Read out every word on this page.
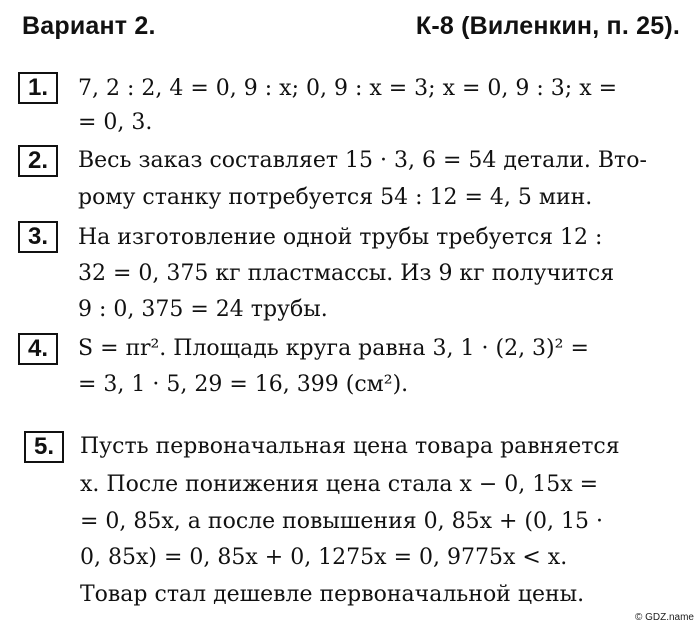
Вариант 2.	К-8 (Виленкин, п. 25).
1.	7, 2 : 2, 4 = 0, 9 : x; 0, 9 : x = 3; x = 0, 9 : 3; x =
= 0, 3.
2.	Весь заказ составляет 15 · 3, 6 = 54 детали. Вто-
рому станку потребуется 54 : 12 = 4, 5 мин.
3.	На изготовление одной трубы требуется 12 :
32 = 0, 375 кг пластмассы. Из 9 кг получится
9 : 0, 375 = 24 трубы.
4.	S = πr². Площадь круга равна 3, 1 · (2, 3)² =
= 3, 1 · 5, 29 = 16, 399 (см²).
5.	Пусть первоначальная цена товара равняется
x. После понижения цена стала x − 0, 15x =
= 0, 85x, а после повышения 0, 85x + (0, 15 ·
0, 85x) = 0, 85x + 0, 1275x = 0, 9775x < x.
Товар стал дешевле первоначальной цены.
© GDZ.name
